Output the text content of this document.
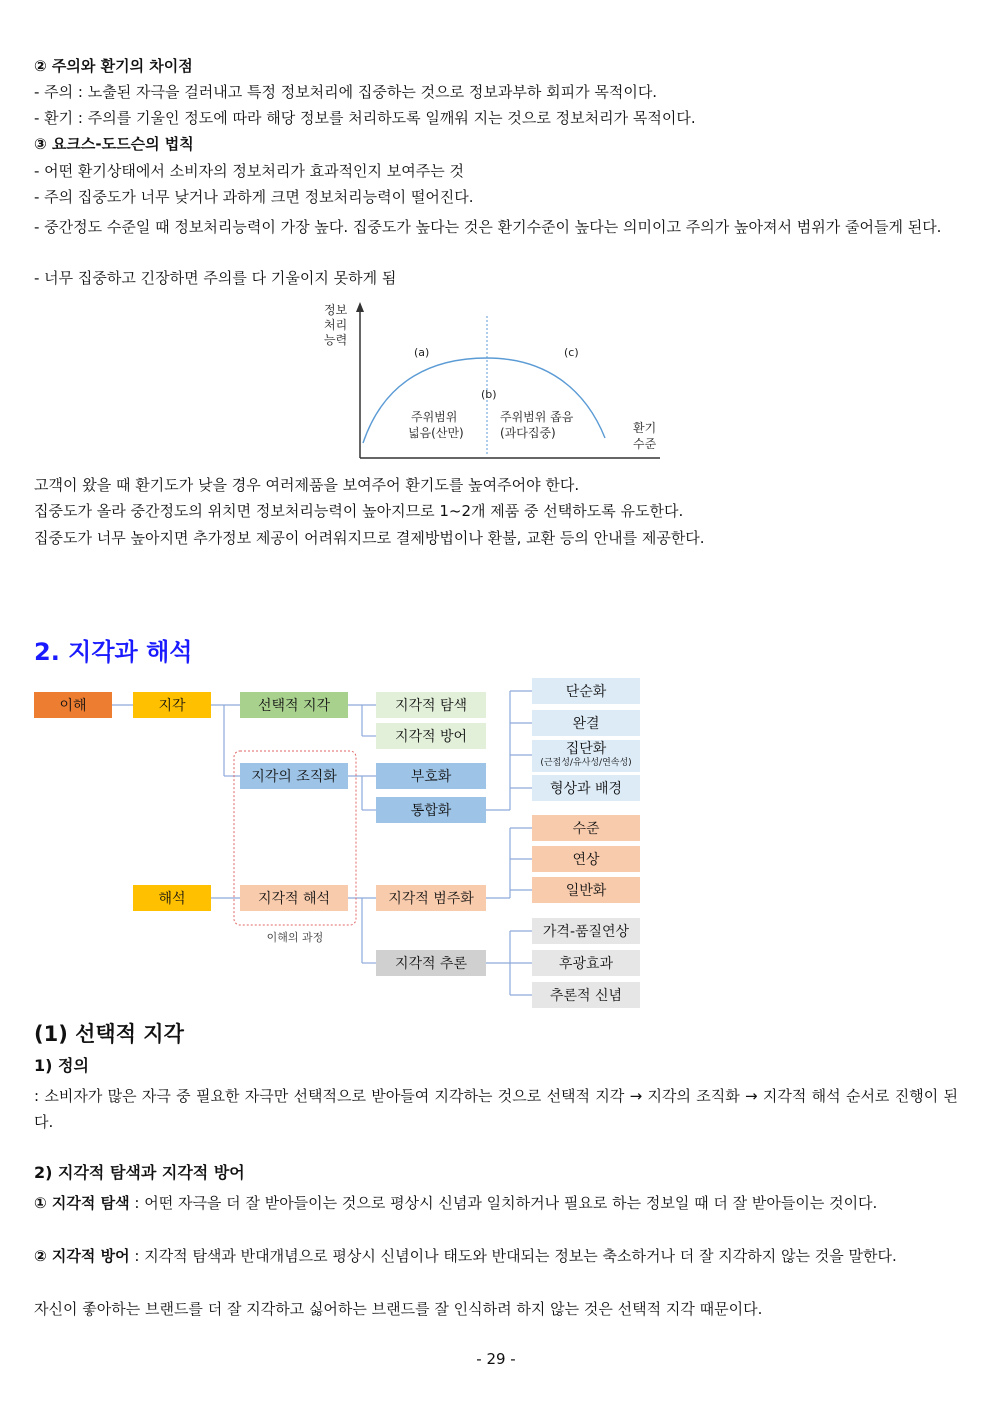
② 주의와 환기의 차이점
- 주의 : 노출된 자극을 걸러내고 특정 정보처리에 집중하는 것으로 정보과부하 회피가 목적이다.
- 환기 : 주의를 기울인 정도에 따라 해당 정보를 처리하도록 일깨워 지는 것으로 정보처리가 목적이다.
③ 요크스-도드슨의 법칙
- 어떤 환기상태에서 소비자의 정보처리가 효과적인지 보여주는 것
- 주의 집중도가 너무 낮거나 과하게 크면 정보처리능력이 떨어진다.
- 중간정도 수준일 때 정보처리능력이 가장 높다. 집중도가 높다는 것은 환기수준이 높다는 의미이고 주의가 높아져서 범위가 줄어들게 된다.
- 너무 집중하고 긴장하면 주의를 다 기울이지 못하게 됨
정보
처리
능력
(a)	(c)
(b)
주위범위
넓음(산만)
주위범위 좁음
(과다집중)	환기
수준
고객이 왔을 때 환기도가 낮을 경우 여러제품을 보여주어 환기도를 높여주어야 한다.
집중도가 올라 중간정도의 위치면 정보처리능력이 높아지므로 1~2개 제품 중 선택하도록 유도한다.
집중도가 너무 높아지면 추가정보 제공이 어려워지므로 결제방법이나 환불, 교환 등의 안내를 제공한다.
2. 지각과 해석
이해	지각	선택적 지각	지각적 탐색
지각적 방어
지각의 조직화	부호화
통합화
단순화
완결
집단화
(근접성/유사성/연속성)
형상과 배경
해석	지각적 해석
이해의 과정
지각적 범주화
수준
연상
일반화
지각적 추론
가격-품질연상
후광효과
추론적 신념
(1) 선택적 지각
1) 정의
: 소비자가 많은 자극 중 필요한 자극만 선택적으로 받아들여 지각하는 것으로 선택적 지각 → 지각의 조직화 → 지각적 해석 순서로 진행이 된다.
2) 지각적 탐색과 지각적 방어
① 지각적 탐색 : 어떤 자극을 더 잘 받아들이는 것으로 평상시 신념과 일치하거나 필요로 하는 정보일 때 더 잘 받아들이는 것이다.
② 지각적 방어 : 지각적 탐색과 반대개념으로 평상시 신념이나 태도와 반대되는 정보는 축소하거나 더 잘 지각하지 않는 것을 말한다.
자신이 좋아하는 브랜드를 더 잘 지각하고 싫어하는 브랜드를 잘 인식하려 하지 않는 것은 선택적 지각 때문이다.
- 29 -
